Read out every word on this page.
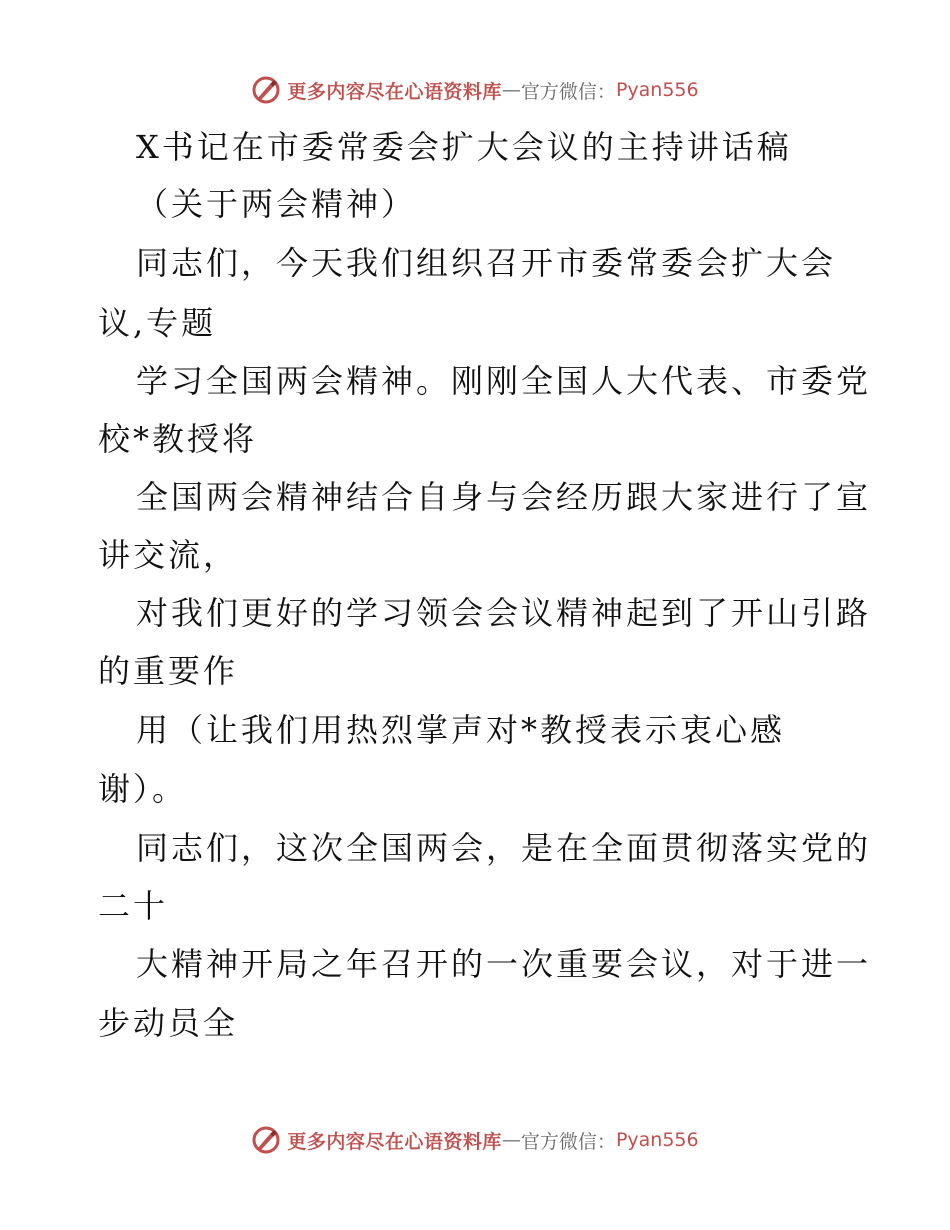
更多内容尽在心语资料库 — 官方微信： Pyan556
X书记在市委常委会扩大会议的主持讲话稿
（关于两会精神）
同志们，今天我们组织召开市委常委会扩大会
议,专题
学习全国两会精神。刚刚全国人大代表、市委党
校*教授将
全国两会精神结合自身与会经历跟大家进行了宣
讲交流，
对我们更好的学习领会会议精神起到了开山引路
的重要作
用（让我们用热烈掌声对*教授表示衷心感
谢）。
同志们，这次全国两会，是在全面贯彻落实党的
二十
大精神开局之年召开的一次重要会议，对于进一
步动员全
更多内容尽在心语资料库 — 官方微信： Pyan556
